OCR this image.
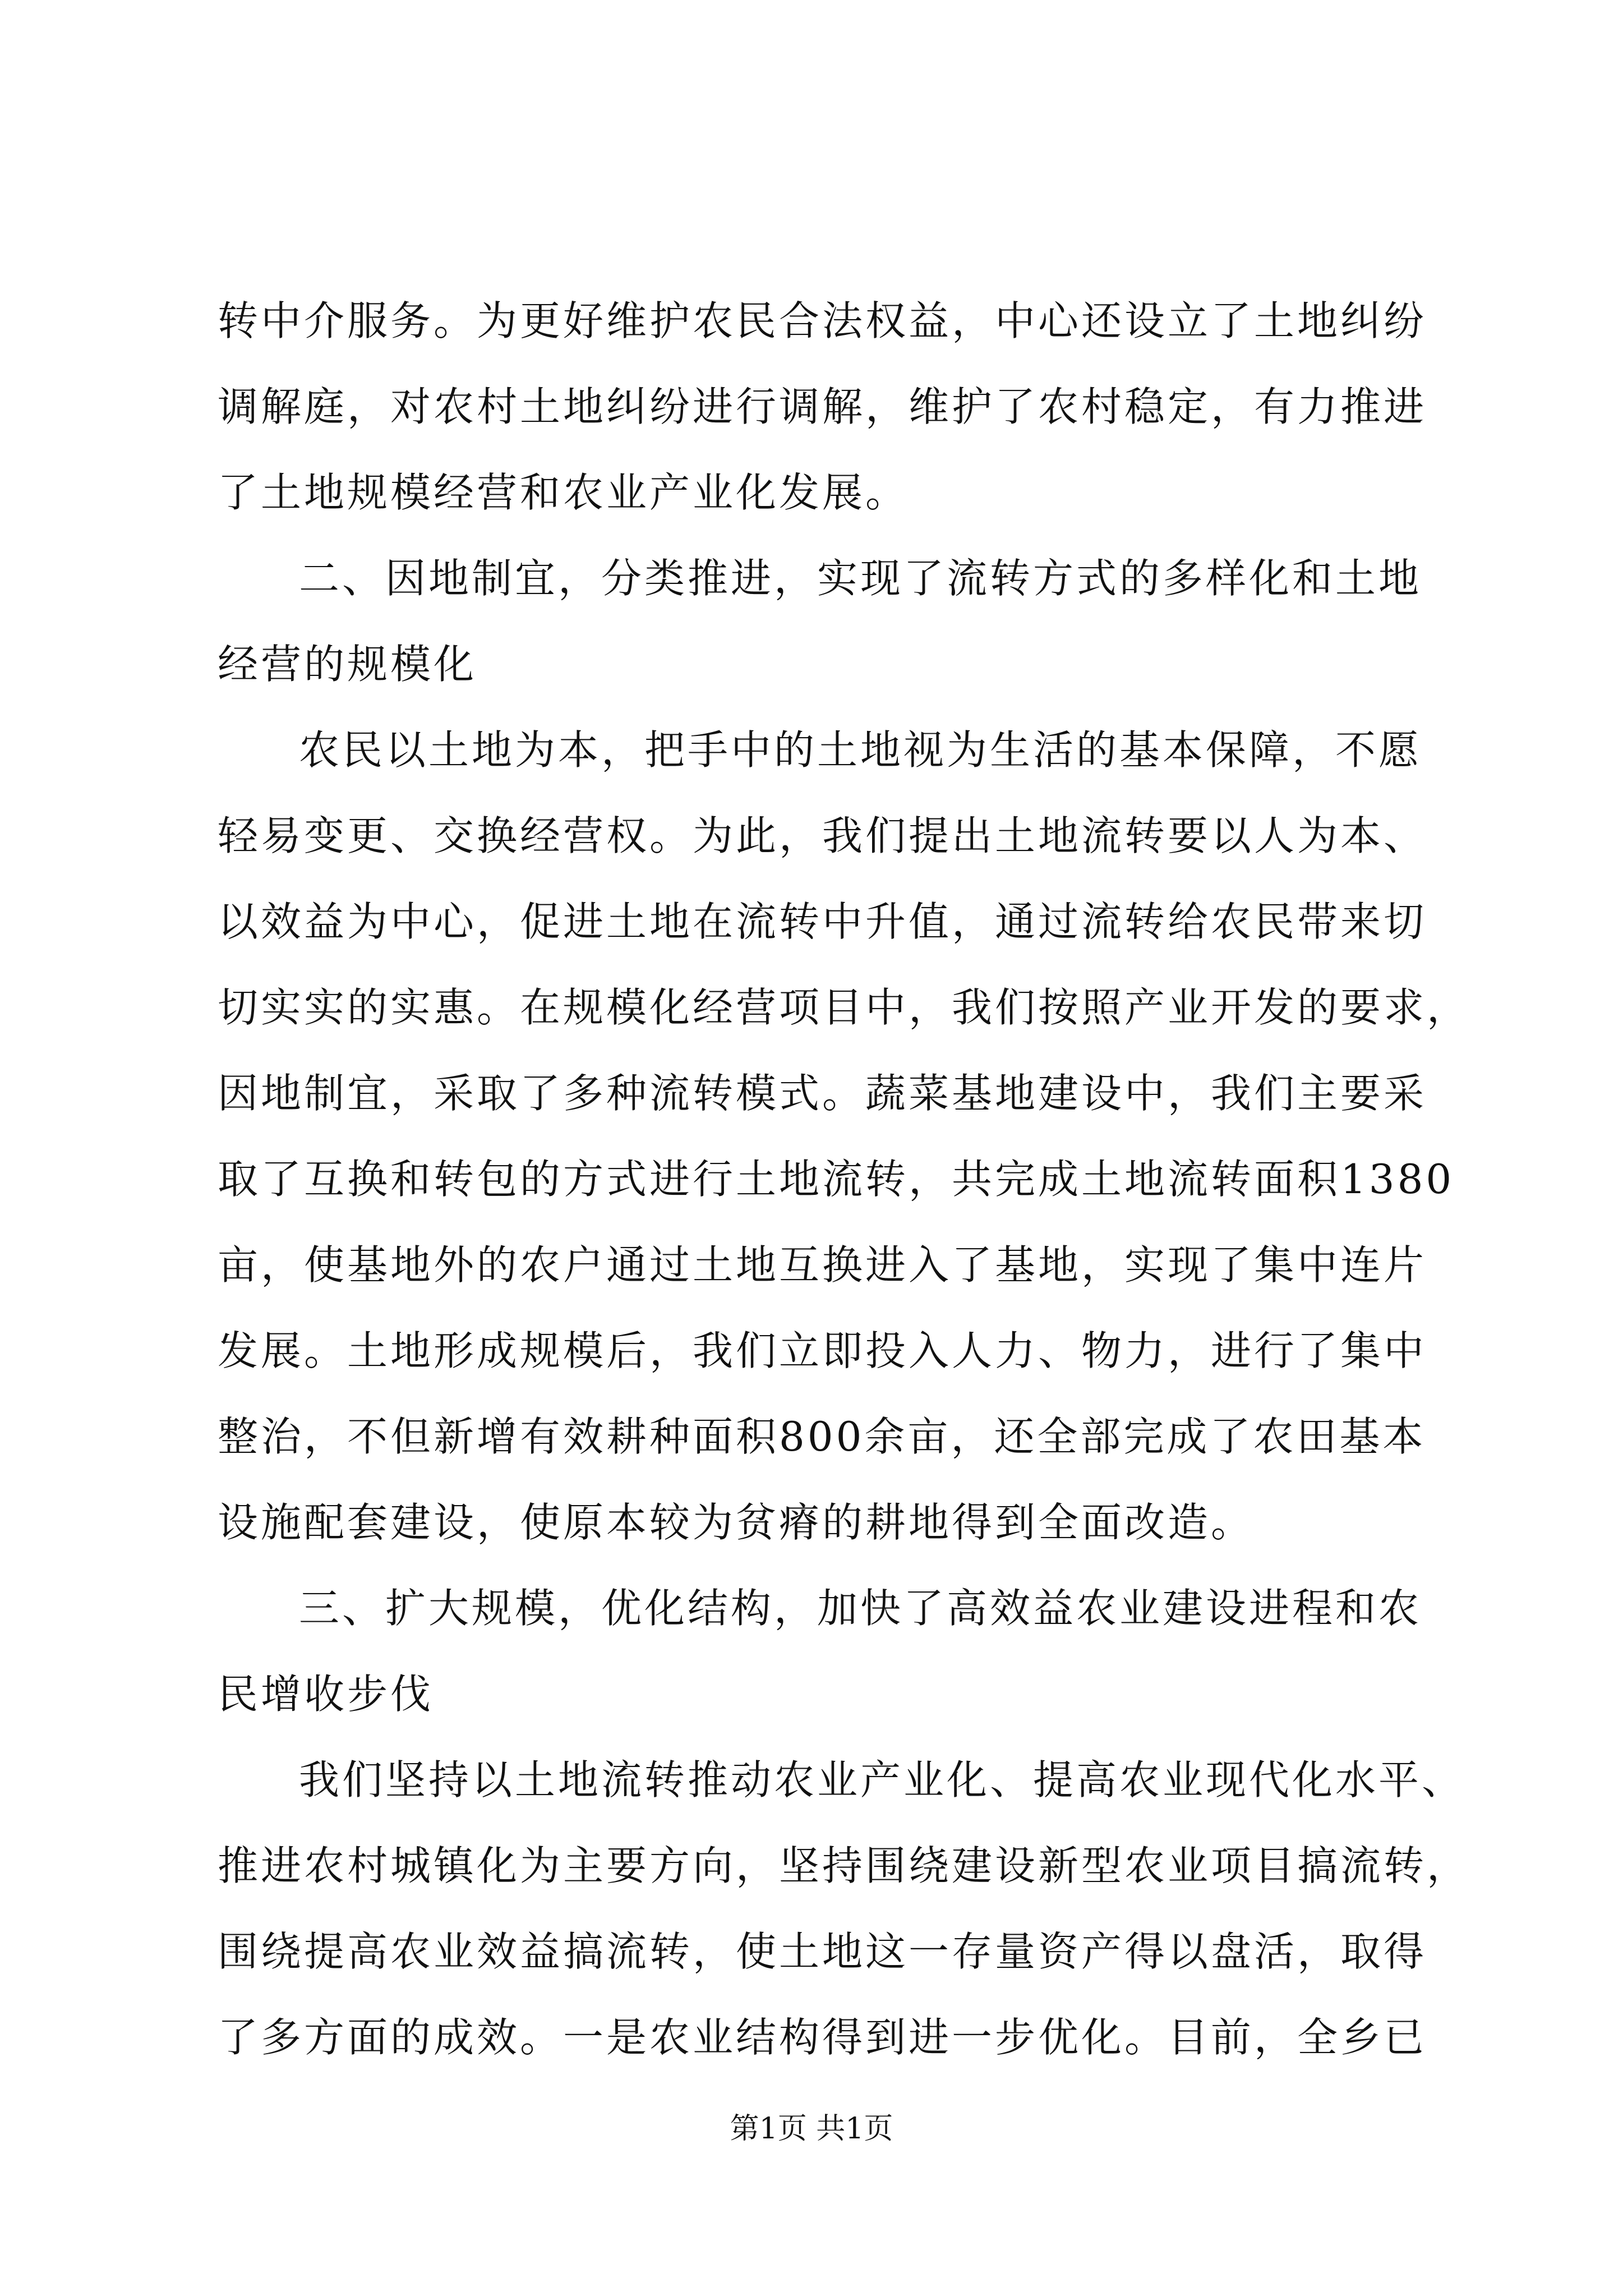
转中介服务。为更好维护农民合法权益，中心还设立了土地纠纷
调解庭，对农村土地纠纷进行调解，维护了农村稳定，有力推进
了土地规模经营和农业产业化发展。
二、因地制宜，分类推进，实现了流转方式的多样化和土地
经营的规模化
农民以土地为本，把手中的土地视为生活的基本保障，不愿
轻易变更、交换经营权。为此，我们提出土地流转要以人为本、
以效益为中心，促进土地在流转中升值，通过流转给农民带来切
切实实的实惠。在规模化经营项目中，我们按照产业开发的要求，
因地制宜，采取了多种流转模式。蔬菜基地建设中，我们主要采
取了互换和转包的方式进行土地流转，共完成土地流转面积1380
亩，使基地外的农户通过土地互换进入了基地，实现了集中连片
发展。土地形成规模后，我们立即投入人力、物力，进行了集中
整治，不但新增有效耕种面积800余亩，还全部完成了农田基本
设施配套建设，使原本较为贫瘠的耕地得到全面改造。
三、扩大规模，优化结构，加快了高效益农业建设进程和农
民增收步伐
我们坚持以土地流转推动农业产业化、提高农业现代化水平、
推进农村城镇化为主要方向，坚持围绕建设新型农业项目搞流转，
围绕提高农业效益搞流转，使土地这一存量资产得以盘活，取得
了多方面的成效。一是农业结构得到进一步优化。目前，全乡已
第1页 共1页
